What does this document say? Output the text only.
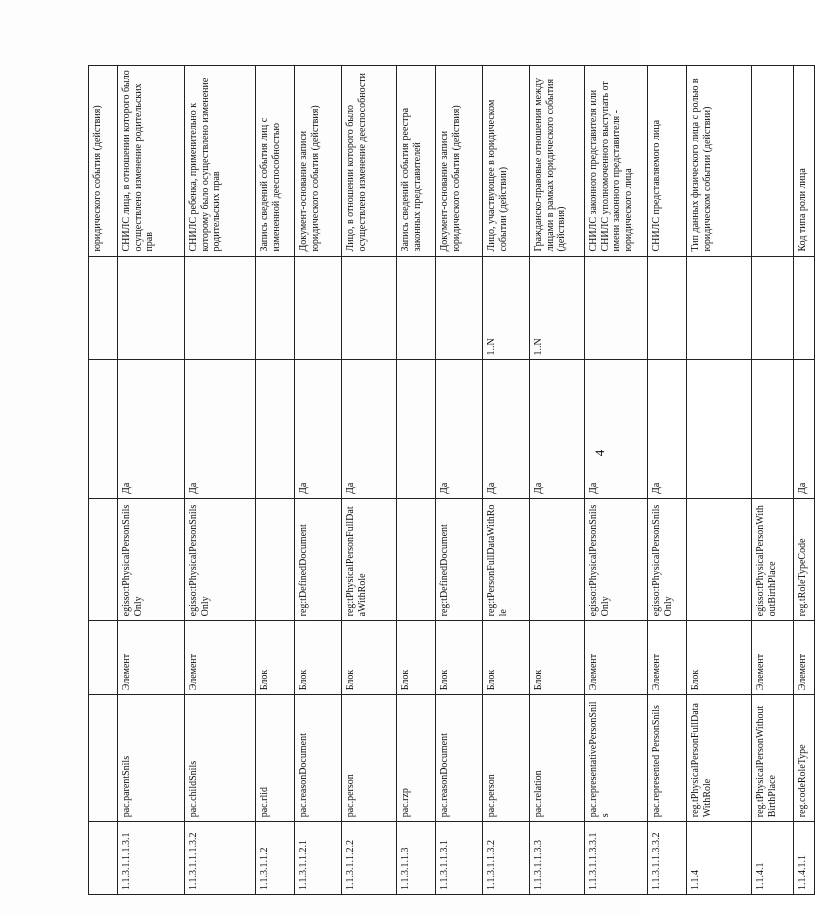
4
						юридического события (действия)
1.1.3.1.1.1.3.1	pac.parentSnils	Элемент	egisso:tPhysicalPersonSnilsOnly	Да		СНИЛС лица, в отношении которого было осуществлено изменение родительских прав
1.1.3.1.1.1.3.2	pac.childSnils	Элемент	egisso:tPhysicalPersonSnilsOnly	Да		СНИЛС ребенка, применительно к которому было осуществлено изменение родительских прав
1.1.3.1.1.2	pac.rlid	Блок				Запись сведений события лиц с измененной дееспособностью
1.1.3.1.1.2.1	pac.reasonDocument	Блок	reg:tDefinedDocument	Да		Документ-основание записи юридического события (действия)
1.1.3.1.1.2.2	pac.person	Блок	reg:tPhysicalPersonFullDataWithRole	Да		Лицо, в отношении которого было осуществлено изменение дееспособности
1.1.3.1.1.3	pac.rzp	Блок				Запись сведений события реестра законных представителей
1.1.3.1.1.3.1	pac.reasonDocument	Блок	reg:tDefinedDocument	Да		Документ-основание записи юридического события (действия)
1.1.3.1.1.3.2	pac.person	Блок	reg:tPersonFullDataWithRole	Да	1..N	Лицо, участвующее в юридическом событии (действии)
1.1.3.1.1.3.3	pac.relation	Блок		Да	1..N	Гражданско-правовые отношения между лицами в рамках юридического события (действия)
1.1.3.1.1.3.3.1	pac.representativePersonSnils	Элемент	egisso:tPhysicalPersonSnilsOnly	Да		СНИЛС законного представителя или СНИЛС уполномоченного выступать от имени законного представителя - юридического лица
1.1.3.1.1.3.3.2	pac.represented PersonSnils	Элемент	egisso:tPhysicalPersonSnilsOnly	Да		СНИЛС представляемого лица
1.1.4	reg.tPhysicalPersonFullDataWithRole	Блок				Тип данных физического лица с ролью в юридическом событии (действии)
1.1.4.1	reg.tPhysicalPersonWithoutBirthPlace	Элемент	egisso:tPhysicalPersonWithoutBirthPlace			
1.1.4.1.1	reg.codeRoleType	Элемент	reg.tRoleTypeCode	Да		Код типа роли лица
